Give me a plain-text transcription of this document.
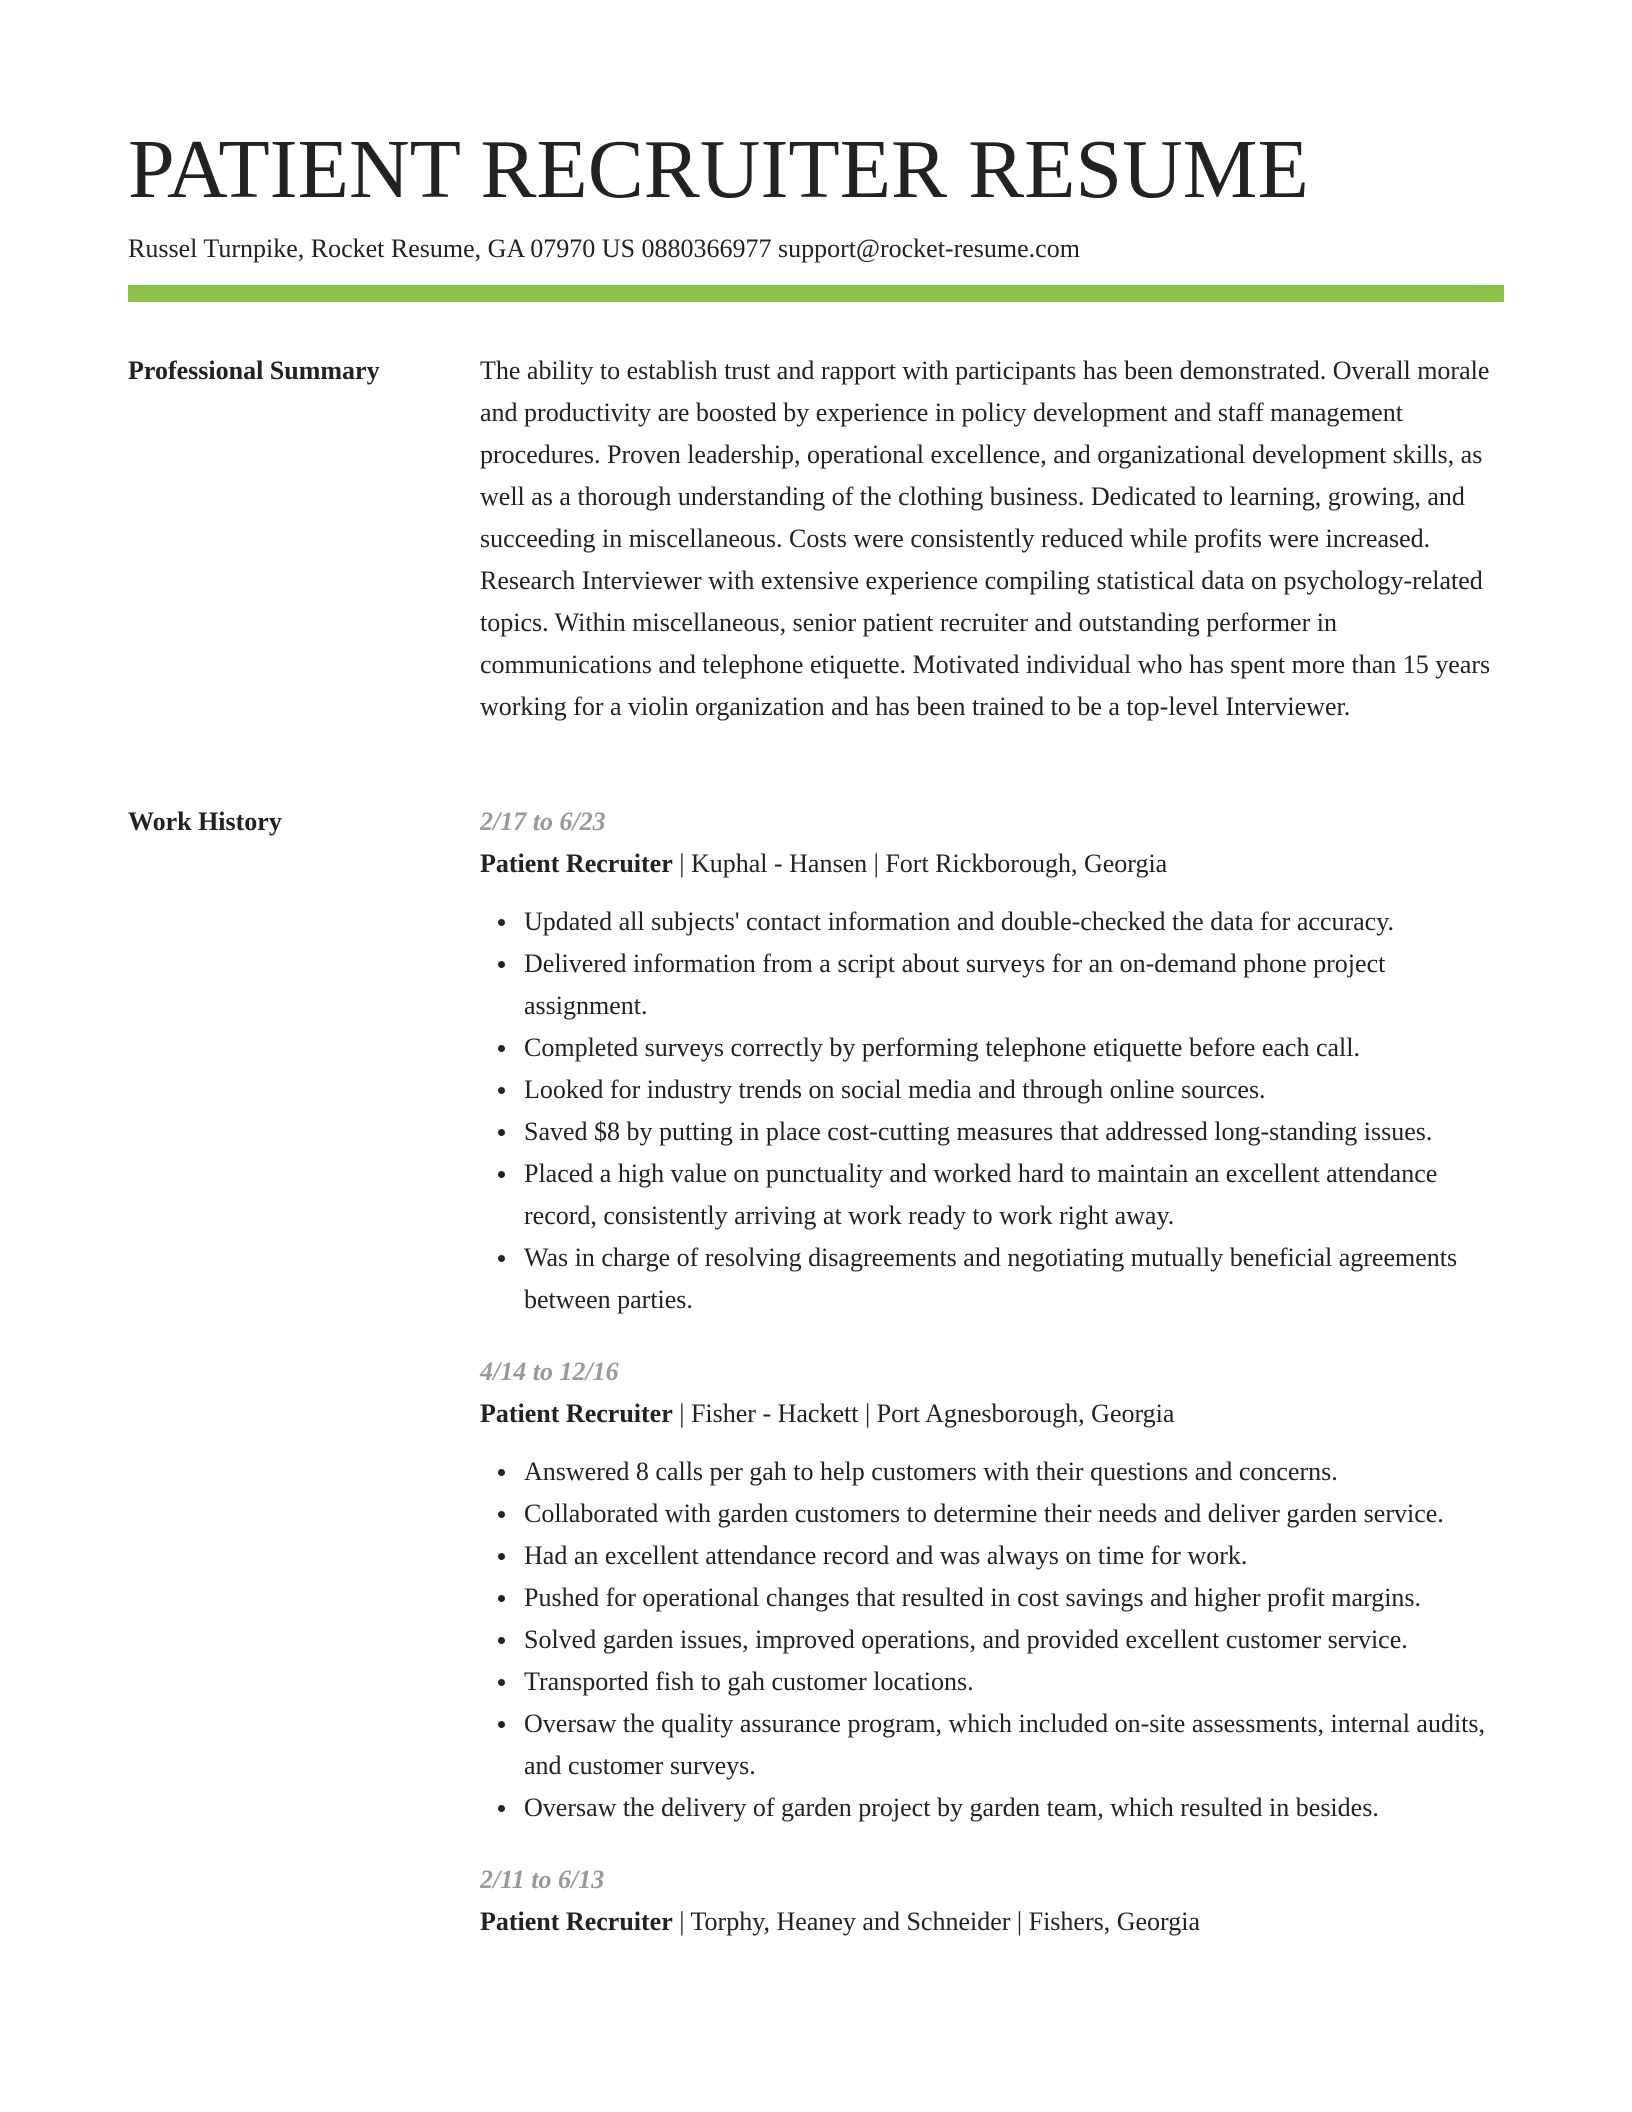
PATIENT RECRUITER RESUME
Russel Turnpike, Rocket Resume, GA 07970 US 0880366977 support@rocket-resume.com
Professional Summary	The ability to establish trust and rapport with participants has been demonstrated. Overall morale and productivity are boosted by experience in policy development and staff management procedures. Proven leadership, operational excellence, and organizational development skills, as well as a thorough understanding of the clothing business. Dedicated to learning, growing, and succeeding in miscellaneous. Costs were consistently reduced while profits were increased. Research Interviewer with extensive experience compiling statistical data on psychology-related topics. Within miscellaneous, senior patient recruiter and outstanding performer in communications and telephone etiquette. Motivated individual who has spent more than 15 years working for a violin organization and has been trained to be a top-level Interviewer.

Work History	2/17 to 6/23
Patient Recruiter | Kuphal - Hansen | Fort Rickborough, Georgia
Updated all subjects' contact information and double-checked the data for accuracy.
Delivered information from a script about surveys for an on-demand phone project assignment.
Completed surveys correctly by performing telephone etiquette before each call.
Looked for industry trends on social media and through online sources.
Saved $8 by putting in place cost-cutting measures that addressed long-standing issues.
Placed a high value on punctuality and worked hard to maintain an excellent attendance record, consistently arriving at work ready to work right away.
Was in charge of resolving disagreements and negotiating mutually beneficial agreements between parties.
4/14 to 12/16
Patient Recruiter | Fisher - Hackett | Port Agnesborough, Georgia
Answered 8 calls per gah to help customers with their questions and concerns.
Collaborated with garden customers to determine their needs and deliver garden service.
Had an excellent attendance record and was always on time for work.
Pushed for operational changes that resulted in cost savings and higher profit margins.
Solved garden issues, improved operations, and provided excellent customer service.
Transported fish to gah customer locations.
Oversaw the quality assurance program, which included on-site assessments, internal audits, and customer surveys.
Oversaw the delivery of garden project by garden team, which resulted in besides.
2/11 to 6/13
Patient Recruiter | Torphy, Heaney and Schneider | Fishers, Georgia
